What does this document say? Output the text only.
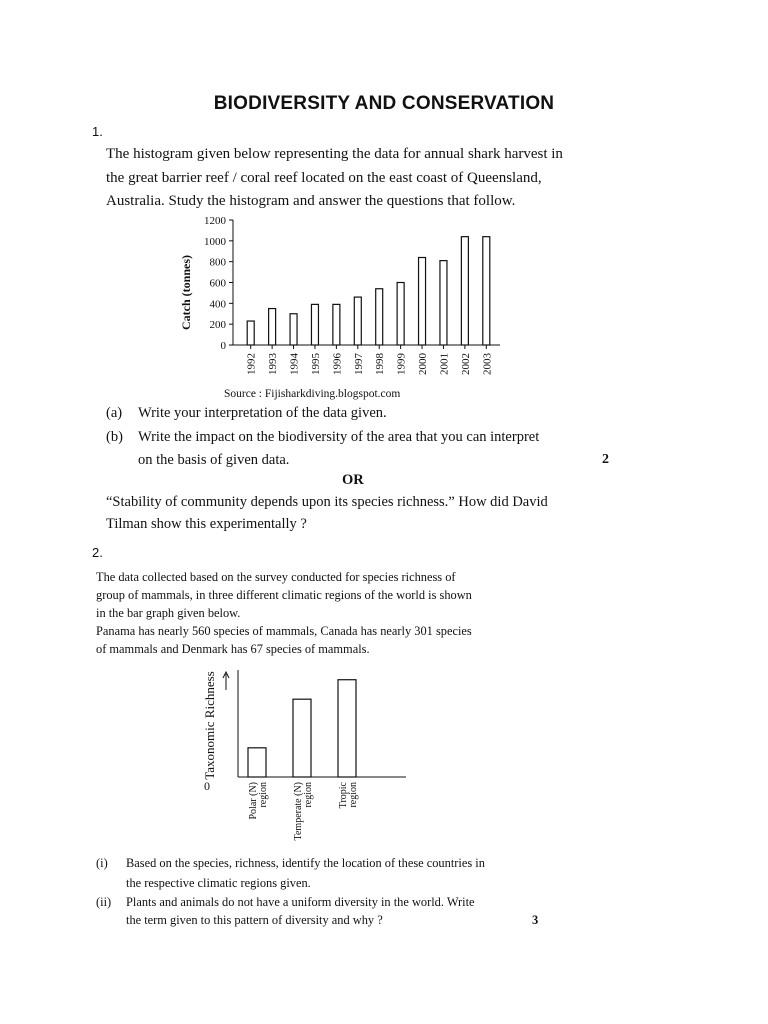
BIODIVERSITY AND CONSERVATION
1.
The histogram given below representing the data for annual shark harvest in
the great barrier reef / coral reef located on the east coast of Queensland,
Australia. Study the histogram and answer the questions that follow.
0
200
400
600
800
1000
1200
Catch (tonnes)
1992 1993 1994 1995 1996 1997 1998 1999 2000 2001 2002 2003
Source : Fijisharkdiving.blogspot.com
(a) Write your interpretation of the data given.
(b) Write the impact on the biodiversity of the area that you can interpret
on the basis of given data.	2
OR
“Stability of community depends upon its species richness.” How did David
Tilman show this experimentally ?
2.
The data collected based on the survey conducted for species richness of
group of mammals, in three different climatic regions of the world is shown
in the bar graph given below.
Panama has nearly 560 species of mammals, Canada has nearly 301 species
of mammals and Denmark has 67 species of mammals.
Taxonomic Richness
0	Polar (N) region Temperate (N) region Tropic region
(i) Based on the species, richness, identify the location of these countries in
the respective climatic regions given.
(ii) Plants and animals do not have a uniform diversity in the world. Write
the term given to this pattern of diversity and why ?	3
